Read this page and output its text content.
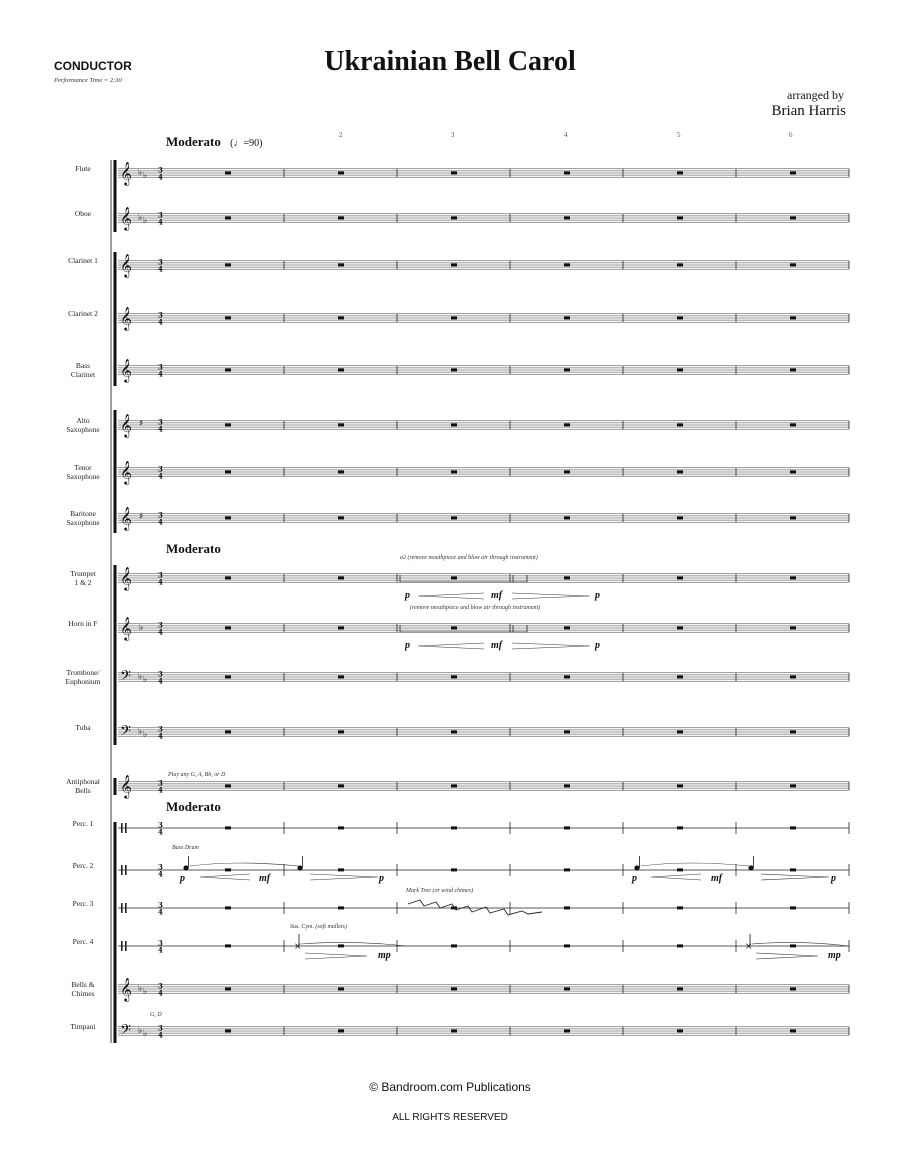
CONDUCTOR
Performance Time = 2:30
Ukrainian Bell Carol
arranged by
Brian Harris
Moderato (♩=90)
Moderato
Moderato
2	3	4	5	6
Flute
Oboe
Clarinet 1
Clarinet 2
Bass
Clarinet
Alto
Saxophone
Tenor
Saxophone
Baritone
Saxophone
Trumpet
1 & 2
Horn in F
Trombone/
Euphonium
Tuba
Antiphonal
Bells
Perc. 1
Perc. 2
Perc. 3
Perc. 4
Bells &
Chimes
Timpani
𝄞 ♭ ♭
3
4
𝄞 ♭ ♭
3
4
𝄞	3
4
𝄞	3
4
𝄞	3
4
𝄞 ♯ 3
4
𝄞	3
4
𝄞 ♯ 3
4
𝄞	3
4
𝄞 ♭ 3
4
𝄢 ♭ ♭
3
4
𝄢 ♭ ♭
3
4
𝄞	3
4
3
4
3
4
3
4
3
4
𝄞 ♭ ♭
3
4
𝄢 ♭ ♭
3
4
×	×
a2 (remove mouthpiece and blow air through instrument)
(remove mouthpiece and blow air through instrument)
p	mf	p
p	mf	p
Play any G, A, Bb, or D
Bass Drum
Mark Tree (or wind chimes)
Sus. Cym. (soft mallets)
G, D
p	mf	p	p	mf	p
mp	mp
© Bandroom.com Publications
ALL RIGHTS RESERVED
